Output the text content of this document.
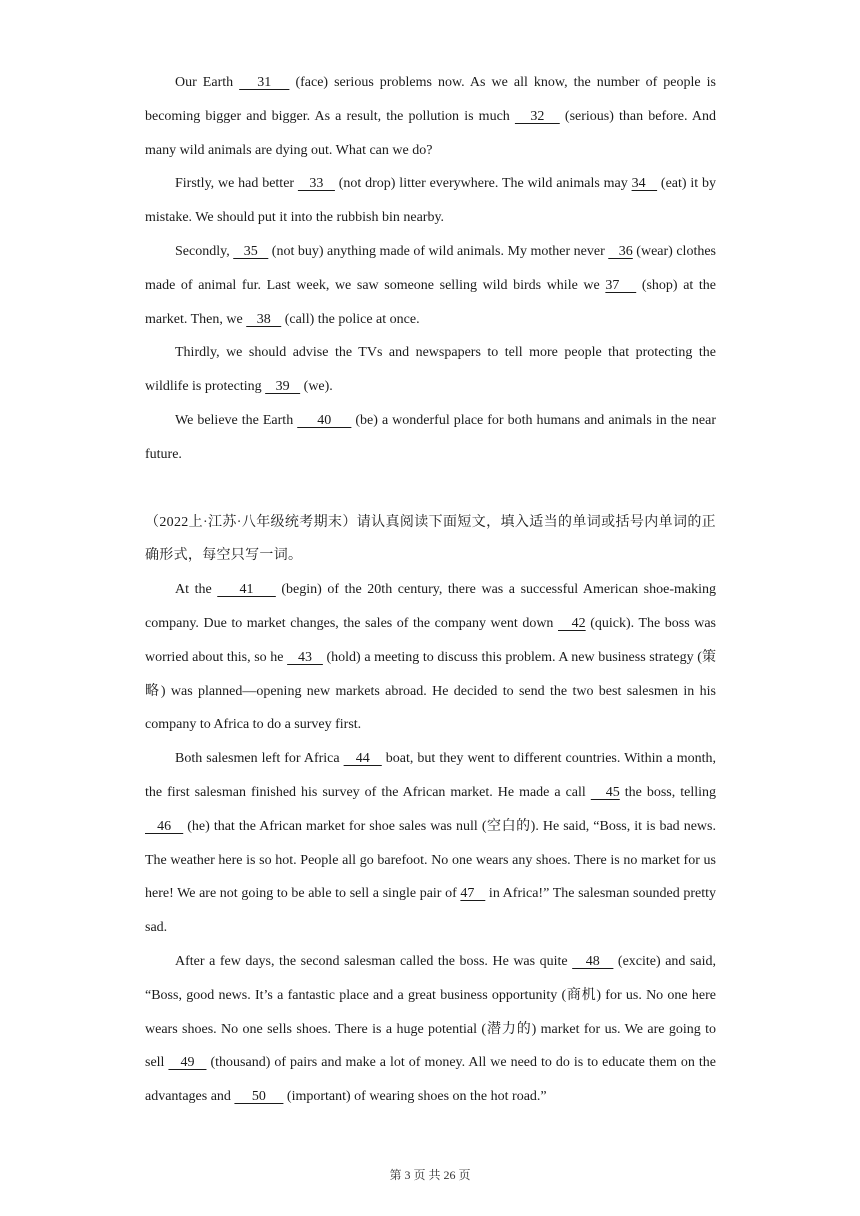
Our Earth    31    (face) serious problems now. As we all know, the number of people is becoming bigger and bigger. As a result, the pollution is much    32    (serious) than before. And many wild animals are dying out. What can we do?

Firstly, we had better    33    (not drop) litter everywhere. The wild animals may 34    (eat) it by mistake. We should put it into the rubbish bin nearby.

Secondly,    35    (not buy) anything made of wild animals. My mother never    36 (wear) clothes made of animal fur. Last week, we saw someone selling wild birds while we 37    (shop) at the market. Then, we    38    (call) the police at once.

Thirdly, we should advise the TVs and newspapers to tell more people that protecting the wildlife is protecting    39    (we).

We believe the Earth      40      (be) a wonderful place for both humans and animals in the near future.

（2022上·江苏·八年级统考期末）请认真阅读下面短文，填入适当的单词或括号内单词的正确形式，每空只写一词。

At the     41     (begin) of the 20th century, there was a successful American shoe-making company. Due to market changes, the sales of the company went down    42 (quick). The boss was worried about this, so he    43    (hold) a meeting to discuss this problem. A new business strategy (策略) was planned—opening new markets abroad. He decided to send the two best salesmen in his company to Africa to do a survey first.

Both salesmen left for Africa    44    boat, but they went to different countries. Within a month, the first salesman finished his survey of the African market. He made a call    45 the boss, telling    46    (he) that the African market for shoe sales was null (空白的). He said, “Boss, it is bad news. The weather here is so hot. People all go barefoot. No one wears any shoes. There is no market for us here! We are not going to be able to sell a single pair of 47    in Africa!” The salesman sounded pretty sad.

After a few days, the second salesman called the boss. He was quite    48    (excite) and said, “Boss, good news. It’s a fantastic place and a great business opportunity (商机) for us. No one here wears shoes. No one sells shoes. There is a huge potential (潜力的) market for us. We are going to sell    49    (thousand) of pairs and make a lot of money. All we need to do is to educate them on the advantages and      50      (important) of wearing shoes on the hot road.”

第 3 页 共 26 页
